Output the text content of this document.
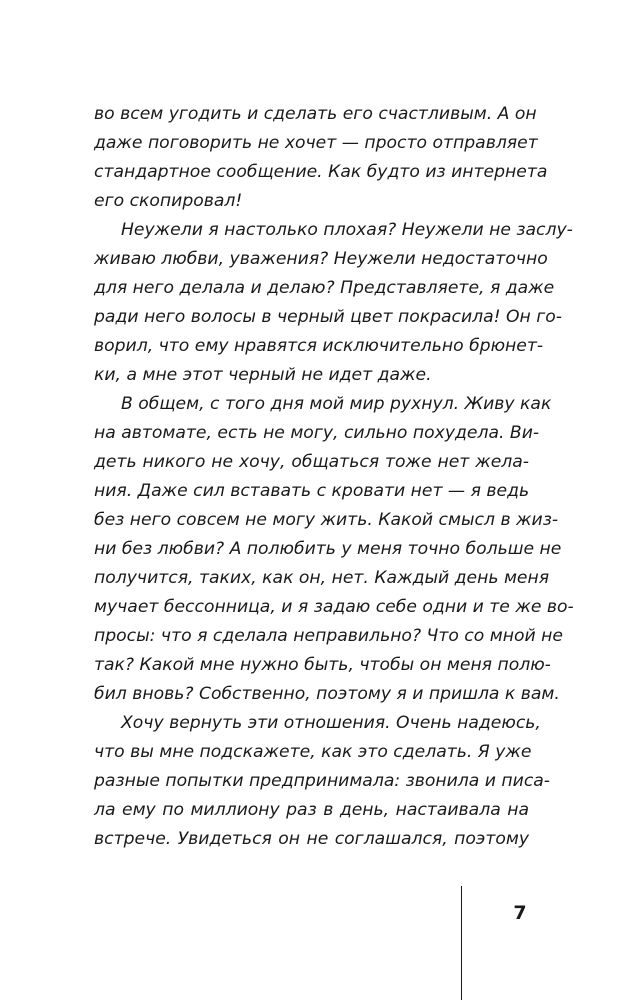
во всем угодить и сделать его счастливым. А он
даже поговорить не хочет — просто отправляет
стандартное сообщение. Как будто из интернета
его скопировал!
Неужели я настолько плохая? Неужели не заслу-
живаю любви, уважения? Неужели недостаточно
для него делала и делаю? Представляете, я даже
ради него волосы в черный цвет покрасила! Он го-
ворил, что ему нравятся исключительно брюнет-
ки, а мне этот черный не идет даже.
В общем, с того дня мой мир рухнул. Живу как
на автомате, есть не могу, сильно похудела. Ви-
деть никого не хочу, общаться тоже нет жела-
ния. Даже сил вставать с кровати нет — я ведь
без него совсем не могу жить. Какой смысл в жиз-
ни без любви? А полюбить у меня точно больше не
получится, таких, как он, нет. Каждый день меня
мучает бессонница, и я задаю себе одни и те же во-
просы: что я сделала неправильно? Что со мной не
так? Какой мне нужно быть, чтобы он меня полю-
бил вновь? Собственно, поэтому я и пришла к вам.
Хочу вернуть эти отношения. Очень надеюсь,
что вы мне подскажете, как это сделать. Я уже
разные попытки предпринимала: звонила и писа-
ла ему по миллиону раз в день, настаивала на
встрече. Увидеться он не соглашался, поэтому
7
